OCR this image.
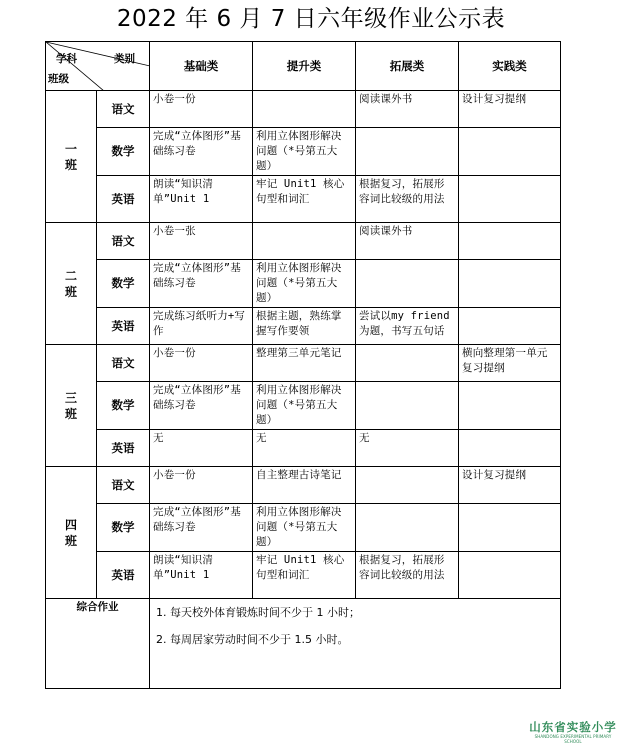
2022 年 6 月 7 日六年级作业公示表
学科 类别
班级		基础类	提升类	拓展类	实践类
一
班	语文	小卷一份		阅读课外书	设计复习提纲
	数学	完成“立体图形”基础练习卷	利用立体图形解决问题（*号第五大题）		
	英语	朗读“知识清单”Unit 1	牢记 Unit1 核心句型和词汇	根据复习，拓展形容词比较级的用法	
二
班	语文	小卷一张		阅读课外书	
	数学	完成“立体图形”基础练习卷	利用立体图形解决问题（*号第五大题）		
	英语	完成练习纸听力+写作	根据主题，熟练掌握写作要领	尝试以my friend为题，书写五句话	
三
班	语文	小卷一份	整理第三单元笔记		横向整理第一单元复习提纲
	数学	完成“立体图形”基础练习卷	利用立体图形解决问题（*号第五大题）		
	英语	无	无	无	
四
班	语文	小卷一份	自主整理古诗笔记		设计复习提纲
	数学	完成“立体图形”基础练习卷	利用立体图形解决问题（*号第五大题）		
	英语	朗读“知识清单”Unit 1	牢记 Unit1 核心句型和词汇	根据复习，拓展形容词比较级的用法	
综合作业		1. 每天校外体育锻炼时间不少于 1 小时；

2. 每周居家劳动时间不少于 1.5 小时。			

山东省实验小学
SHANDONG EXPERIMENTAL PRIMARY SCHOOL
